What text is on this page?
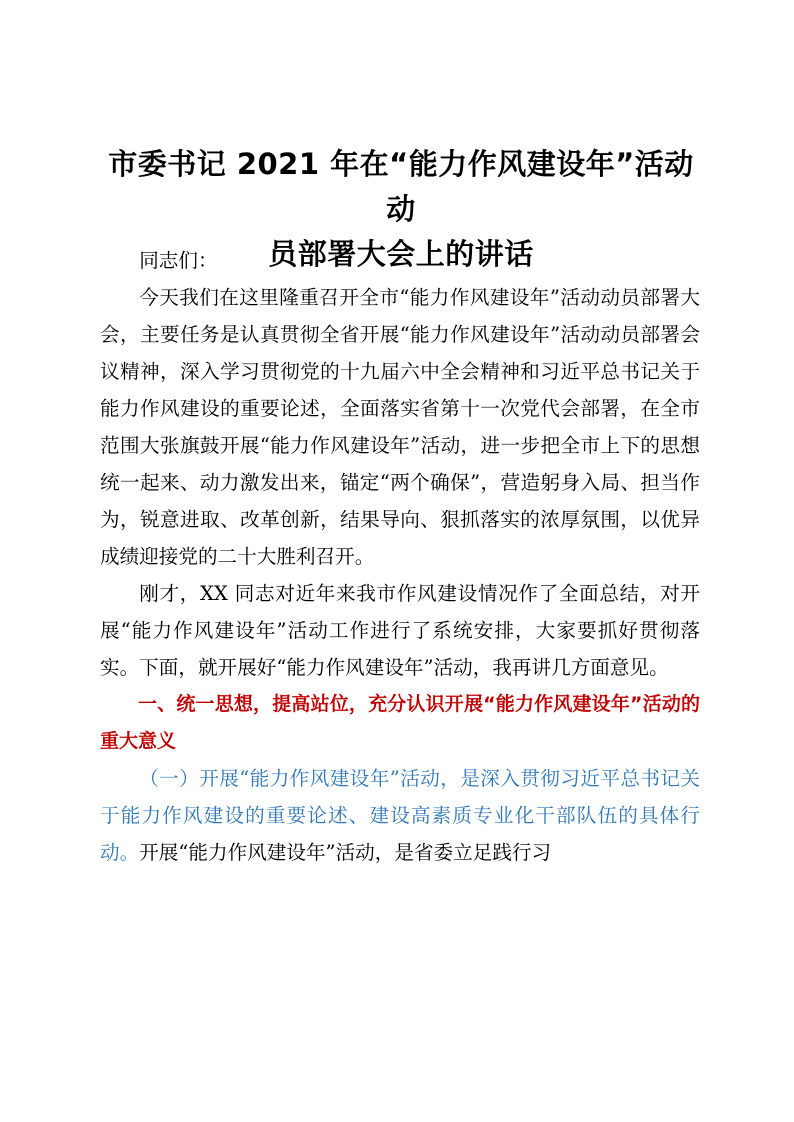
市委书记 2021 年在“能力作风建设年”活动动
员部署大会上的讲话

同志们：

今天我们在这里隆重召开全市“能力作风建设年”活动动员部署大会，主要任务是认真贯彻全省开展“能力作风建设年”活动动员部署会议精神，深入学习贯彻党的十九届六中全会精神和习近平总书记关于能力作风建设的重要论述，全面落实省第十一次党代会部署，在全市范围大张旗鼓开展“能力作风建设年”活动，进一步把全市上下的思想统一起来、动力激发出来，锚定“两个确保”，营造躬身入局、担当作为，锐意进取、改革创新，结果导向、狠抓落实的浓厚氛围，以优异成绩迎接党的二十大胜利召开。

刚才，XX 同志对近年来我市作风建设情况作了全面总结，对开展“能力作风建设年”活动工作进行了系统安排，大家要抓好贯彻落实。下面，就开展好“能力作风建设年”活动，我再讲几方面意见。

一、统一思想，提高站位，充分认识开展“能力作风建设年”活动的重大意义

（一）开展“能力作风建设年”活动，是深入贯彻习近平总书记关于能力作风建设的重要论述、建设高素质专业化干部队伍的具体行动。开展“能力作风建设年”活动，是省委立足践行习
